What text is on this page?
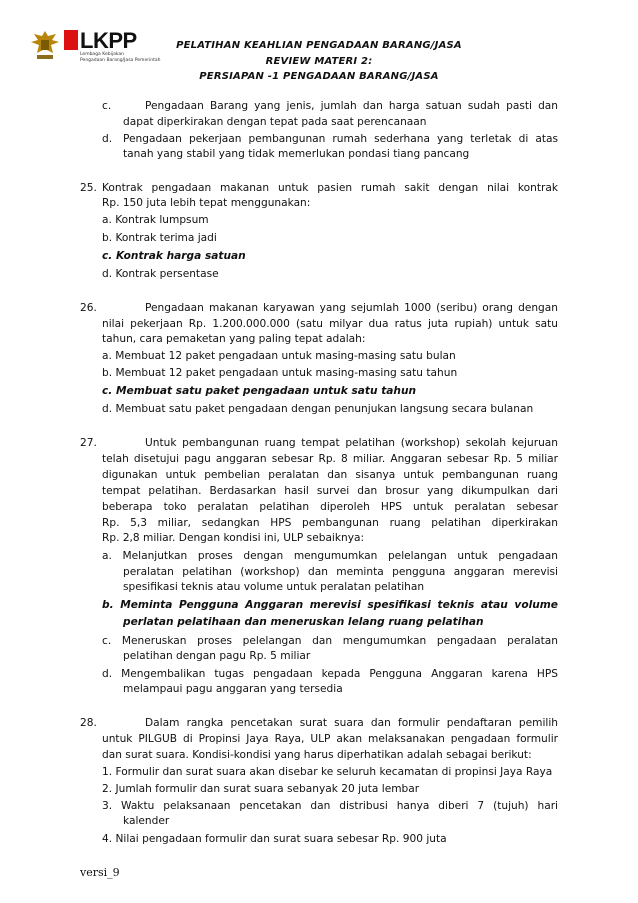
LKPP
Lembaga Kebijakan
Pengadaan Barang/Jasa Pemerintah
PELATIHAN KEAHLIAN PENGADAAN BARANG/JASA
REVIEW MATERI 2:
PERSIAPAN -1 PENGADAAN BARANG/JASA
c.	Pengadaan Barang yang jenis, jumlah dan harga satuan sudah pasti dan
dapat diperkirakan dengan tepat pada saat perencanaan
d. Pengadaan pekerjaan pembangunan rumah sederhana yang terletak di atas
tanah yang stabil yang tidak memerlukan pondasi tiang pancang
25. Kontrak pengadaan makanan untuk pasien rumah sakit dengan nilai kontrak
Rp. 150 juta lebih tepat menggunakan:
a. Kontrak lumpsum
b. Kontrak terima jadi
c. Kontrak harga satuan
d. Kontrak persentase
26.	Pengadaan makanan karyawan yang sejumlah 1000 (seribu) orang dengan
nilai pekerjaan Rp. 1.200.000.000 (satu milyar dua ratus juta rupiah) untuk satu
tahun, cara pemaketan yang paling tepat adalah:
a. Membuat 12 paket pengadaan untuk masing-masing satu bulan
b. Membuat 12 paket pengadaan untuk masing-masing satu tahun
c. Membuat satu paket pengadaan untuk satu tahun
d. Membuat satu paket pengadaan dengan penunjukan langsung secara bulanan
27.	Untuk pembangunan ruang tempat pelatihan (workshop) sekolah kejuruan
telah disetujui pagu anggaran sebesar Rp. 8 miliar. Anggaran sebesar Rp. 5 miliar
digunakan untuk pembelian peralatan dan sisanya untuk pembangunan ruang
tempat pelatihan. Berdasarkan hasil survei dan brosur yang dikumpulkan dari
beberapa toko peralatan pelatihan diperoleh HPS untuk peralatan sebesar
Rp. 5,3 miliar, sedangkan HPS pembangunan ruang pelatihan diperkirakan
Rp. 2,8 miliar. Dengan kondisi ini, ULP sebaiknya:
a. Melanjutkan proses dengan mengumumkan pelelangan untuk pengadaan
peralatan pelatihan (workshop) dan meminta pengguna anggaran merevisi
spesifikasi teknis atau volume untuk peralatan pelatihan
b. Meminta Pengguna Anggaran merevisi spesifikasi teknis atau volume
perlatan pelatihaan dan meneruskan lelang ruang pelatihan
c. Meneruskan proses pelelangan dan mengumumkan pengadaan peralatan
pelatihan dengan pagu Rp. 5 miliar
d. Mengembalikan tugas pengadaan kepada Pengguna Anggaran karena HPS
melampaui pagu anggaran yang tersedia
28.	Dalam rangka pencetakan surat suara dan formulir pendaftaran pemilih
untuk PILGUB di Propinsi Jaya Raya, ULP akan melaksanakan pengadaan formulir
dan surat suara. Kondisi-kondisi yang harus diperhatikan adalah sebagai berikut:
1. Formulir dan surat suara akan disebar ke seluruh kecamatan di propinsi Jaya Raya
2. Jumlah formulir dan surat suara sebanyak 20 juta lembar
3. Waktu pelaksanaan pencetakan dan distribusi hanya diberi 7 (tujuh) hari
kalender
4. Nilai pengadaan formulir dan surat suara sebesar Rp. 900 juta
versi_9
